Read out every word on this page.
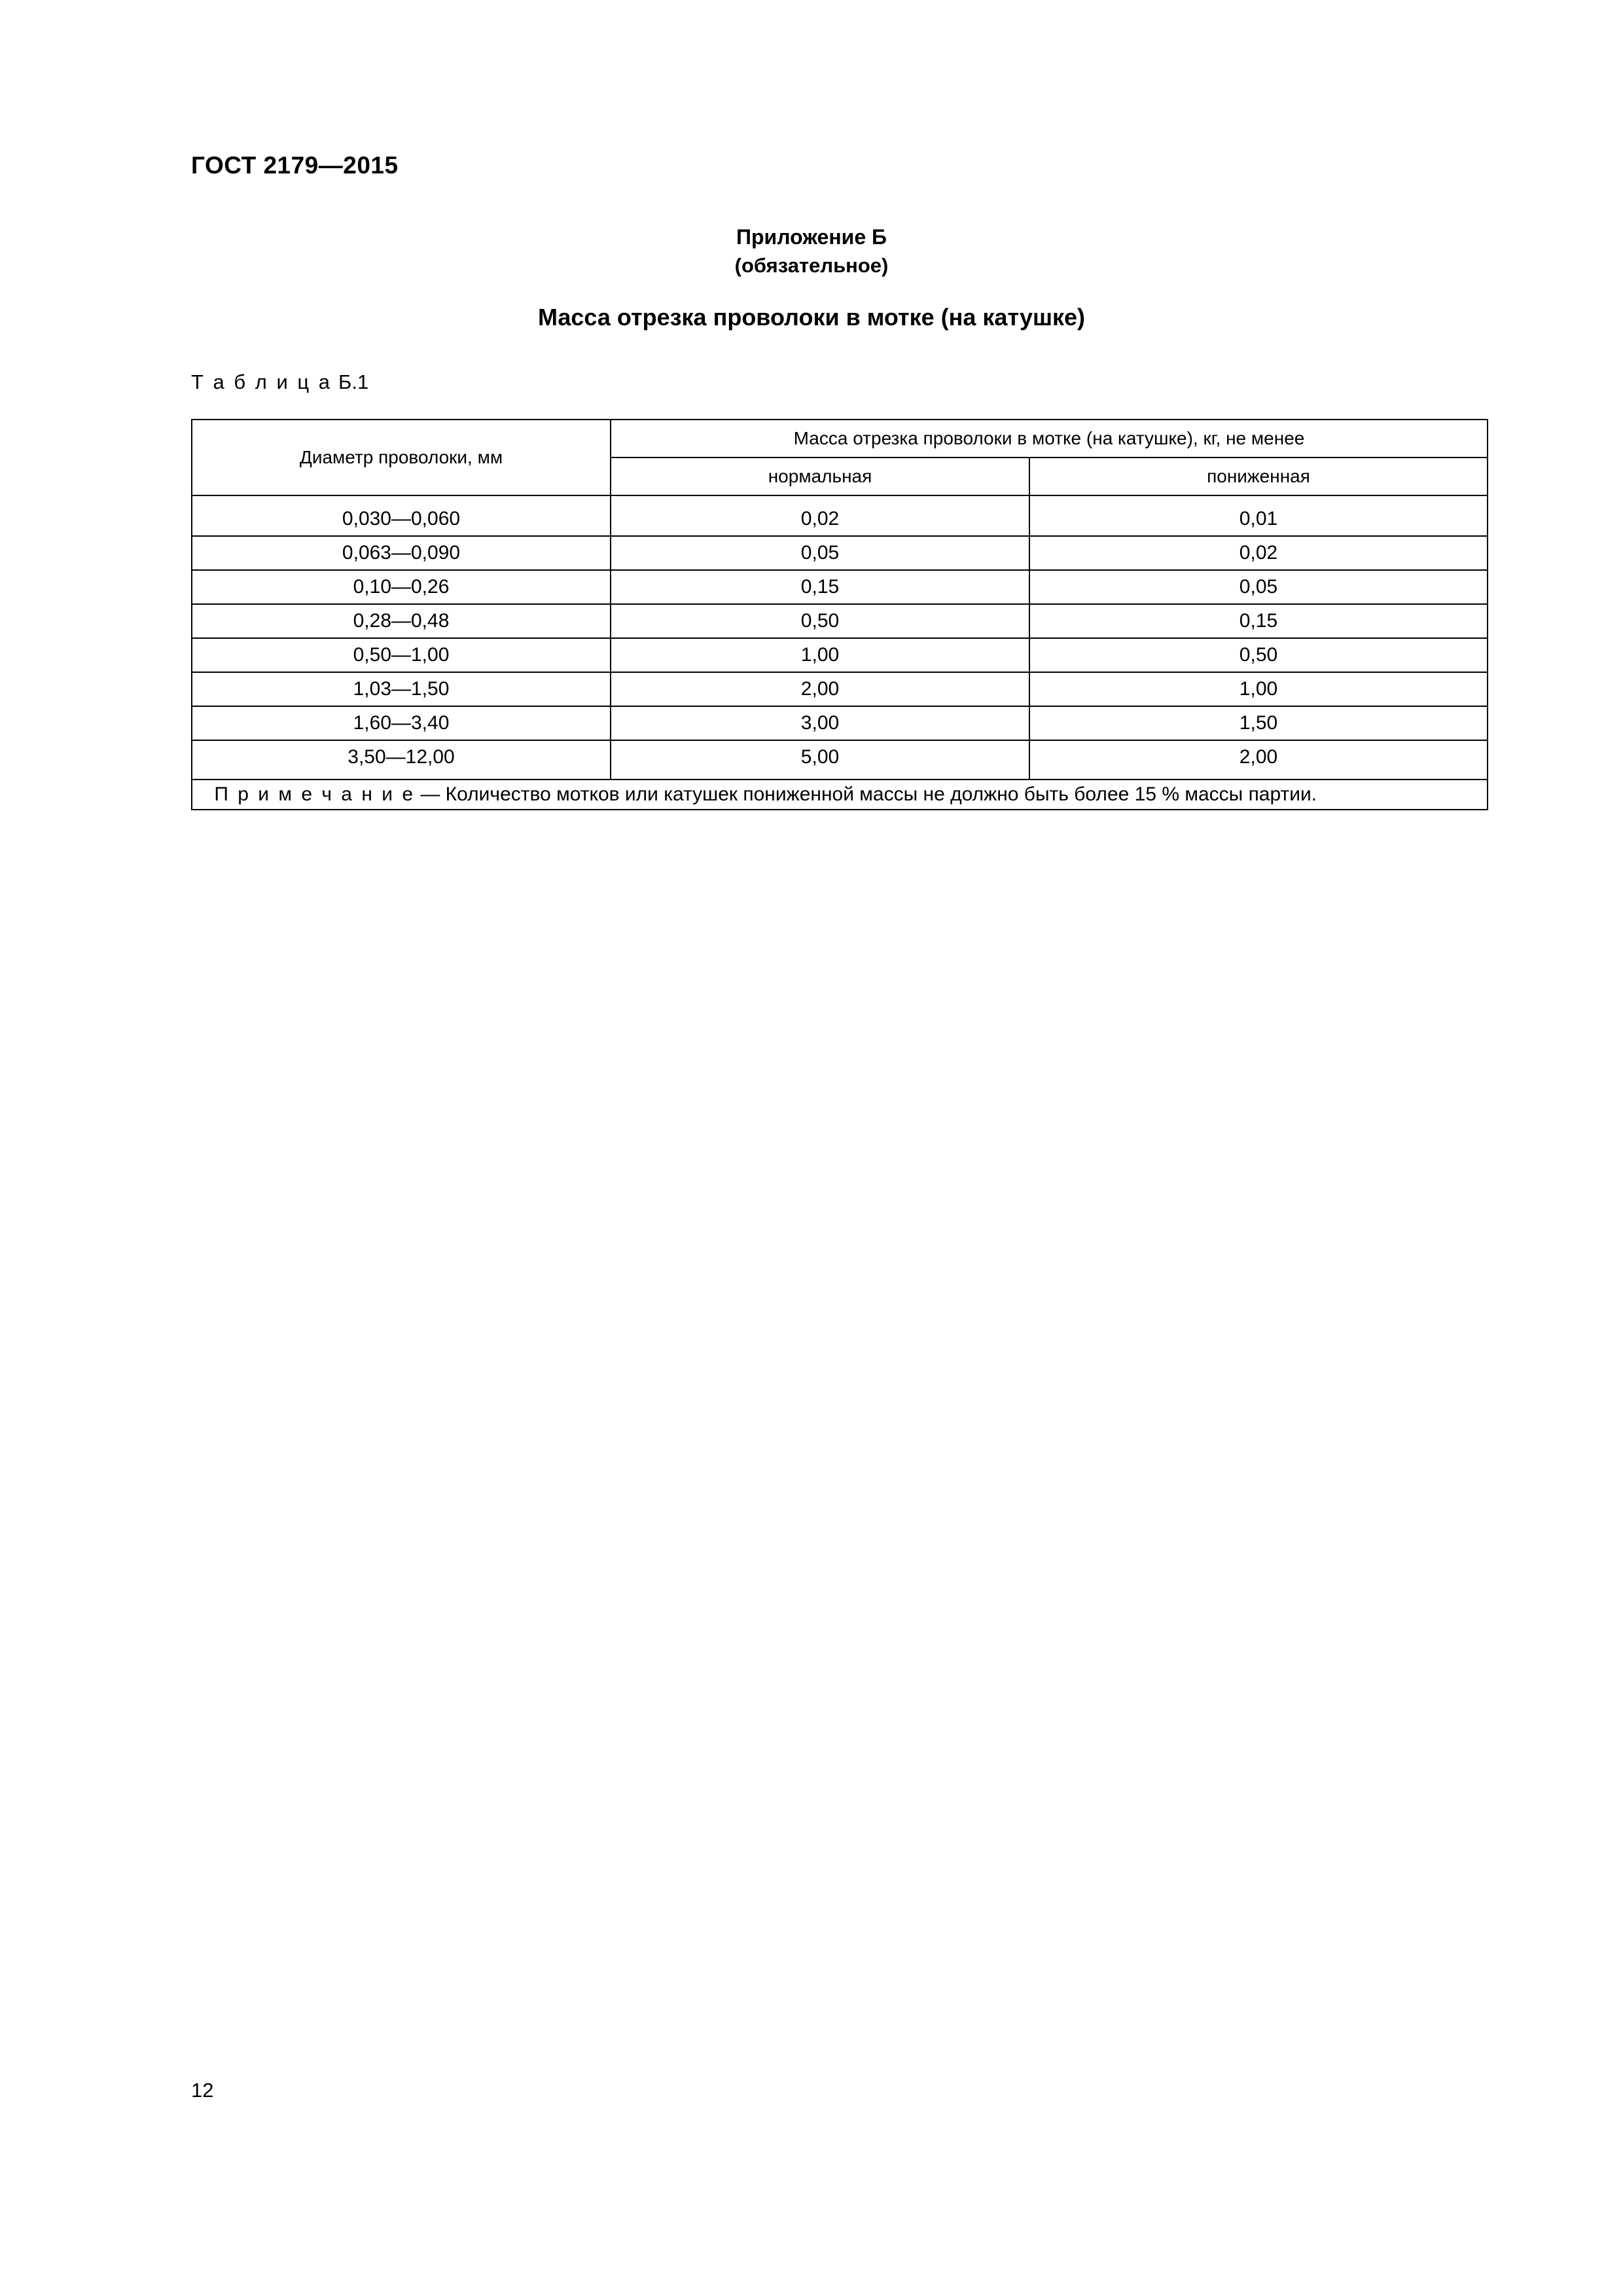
ГОСТ 2179—2015
Приложение Б
(обязательное)
Масса отрезка проволоки в мотке (на катушке)
Т а б л и ц а Б.1
Диаметр проволоки, мм	Масса отрезка проволоки в мотке (на катушке), кг, не менее	
	нормальная	пониженная
0,030—0,060	0,02	0,01
0,063—0,090	0,05	0,02
0,10—0,26	0,15	0,05
0,28—0,48	0,50	0,15
0,50—1,00	1,00	0,50
1,03—1,50	2,00	1,00
1,60—3,40	3,00	1,50
3,50—12,00	5,00	2,00
П р и м е ч а н и е — Количество мотков или катушек пониженной массы не должно быть более 15 % массы партии.		
12
